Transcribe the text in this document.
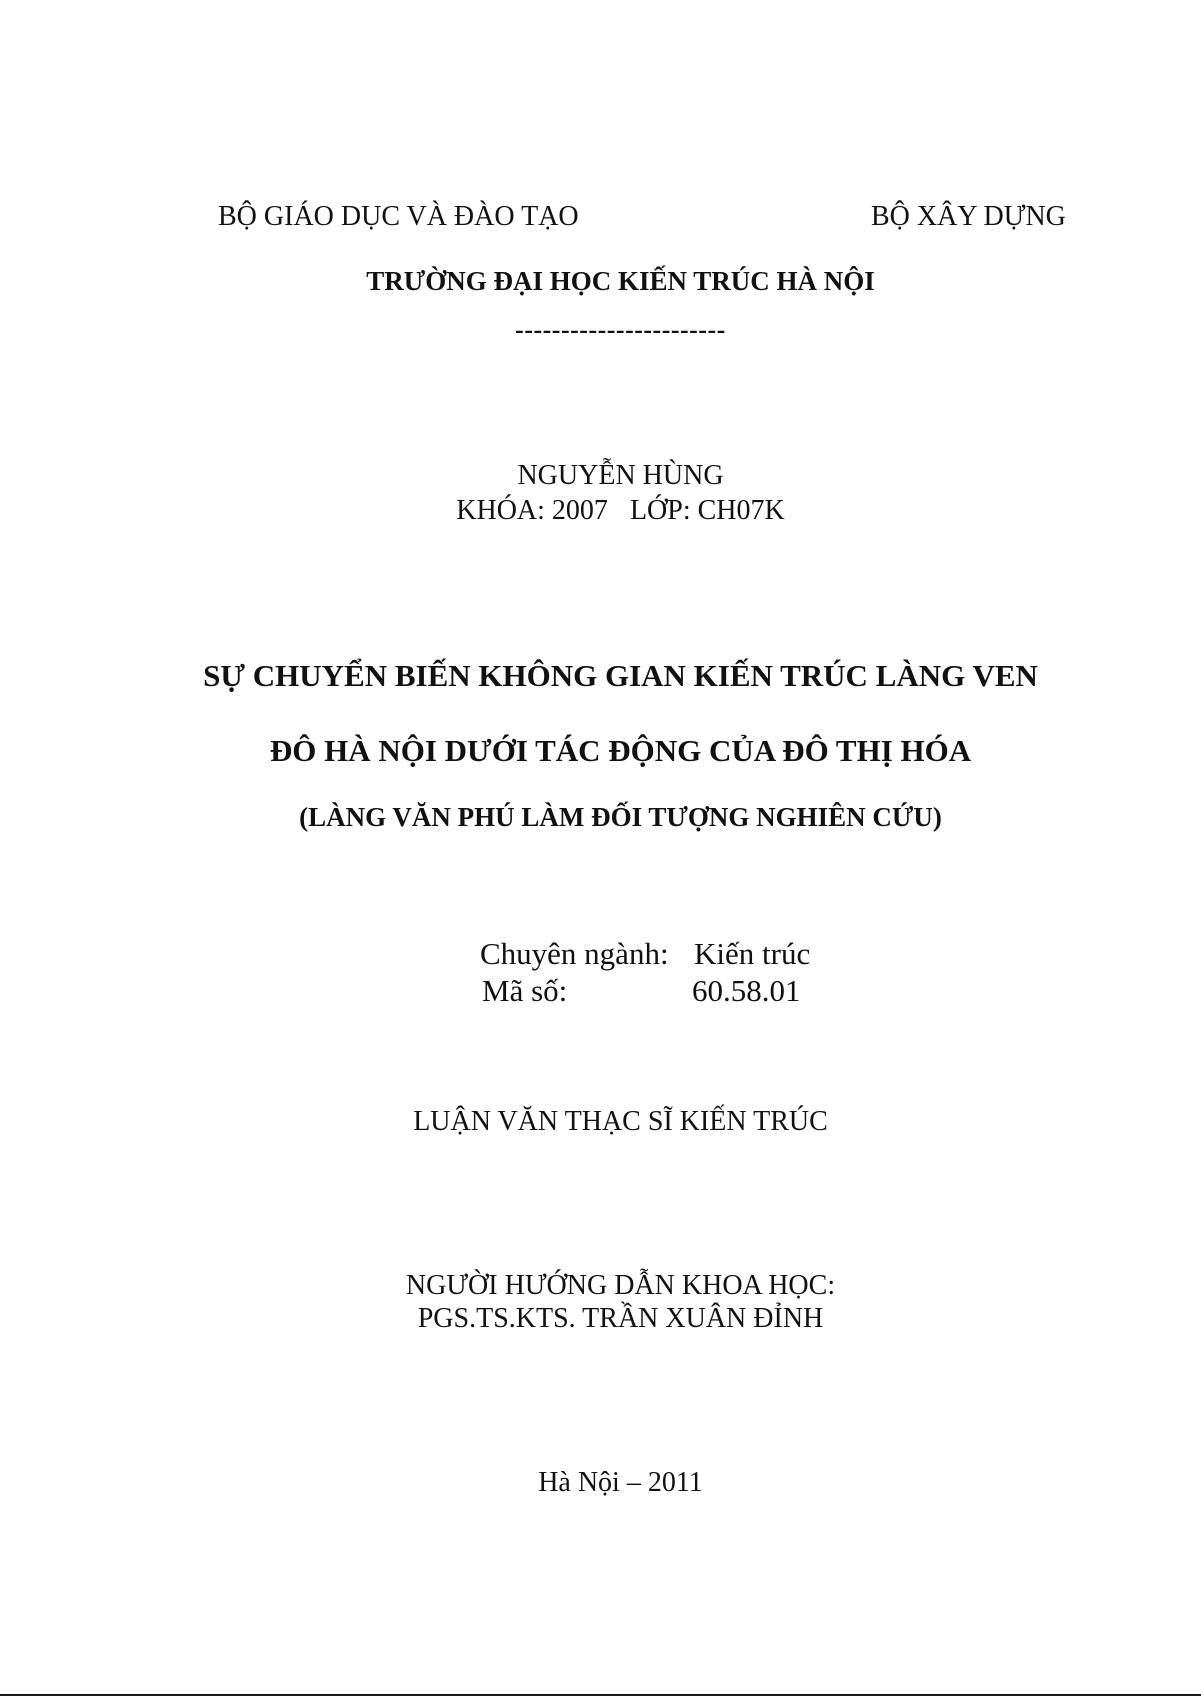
BỘ GIÁO DỤC VÀ ĐÀO TẠO	BỘ XÂY DỰNG
TRƯỜNG ĐẠI HỌC KIẾN TRÚC HÀ NỘI
-----------------------
NGUYỄN HÙNG
KHÓA: 2007 LỚP: CH07K
SỰ CHUYỂN BIẾN KHÔNG GIAN KIẾN TRÚC LÀNG VEN
ĐÔ HÀ NỘI DƯỚI TÁC ĐỘNG CỦA ĐÔ THỊ HÓA
(LÀNG VĂN PHÚ LÀM ĐỐI TƯỢNG NGHIÊN CỨU)
Chuyên ngành: Kiến trúc
Mã số:	60.58.01
LUẬN VĂN THẠC SĨ KIẾN TRÚC
NGƯỜI HƯỚNG DẪN KHOA HỌC:
PGS.TS.KTS. TRẦN XUÂN ĐỈNH
Hà Nội – 2011
